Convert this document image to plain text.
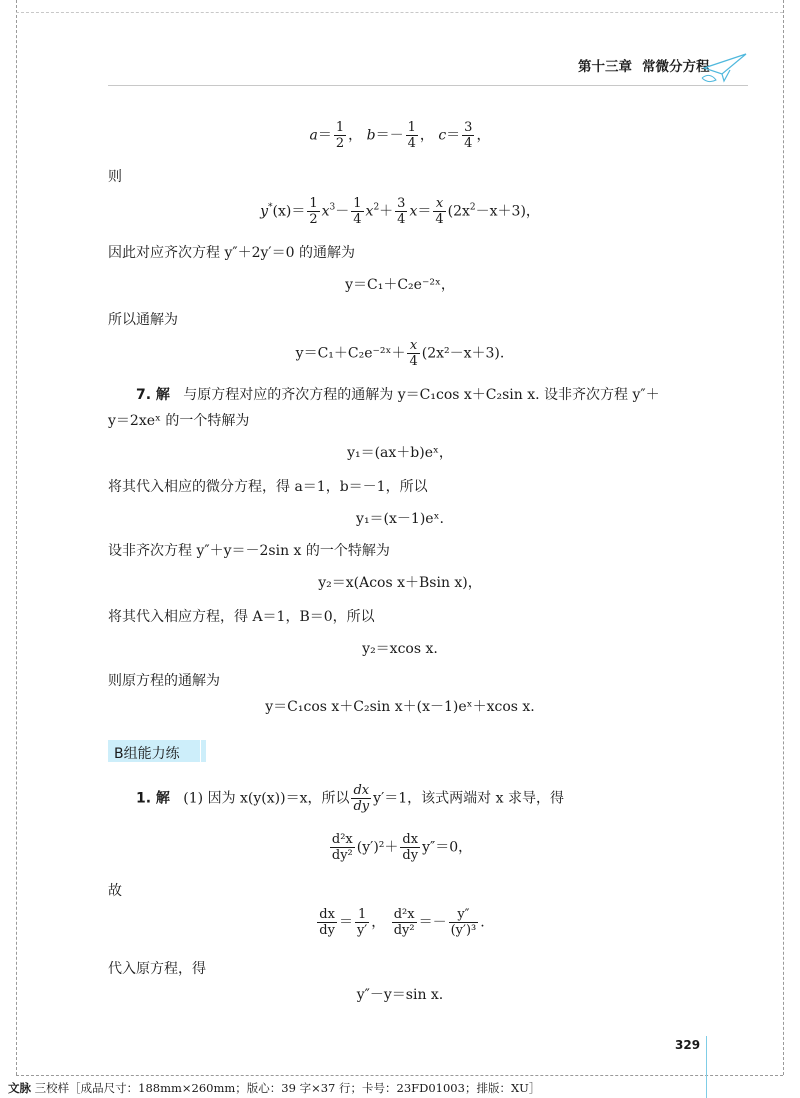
第十三章 常微分方程
$a= \frac{1}{2}$ ， $b=- \frac{1}{4}$ ， $c= \frac{3}{4}$ ，
则
$y^*(x)= \frac{1}{2} x^3- \frac{1}{4} x^2+ \frac{3}{4} x= \frac{x}{4} (2x^2-x+3)$，
因此对应齐次方程 y″＋2y′＝0 的通解为
y＝C₁＋C₂e⁻²ˣ，
所以通解为
y＝C₁＋C₂e⁻²ˣ＋ $\frac{x}{4} (2x^2-x+3)$.
7. 解 与原方程对应的齐次方程的通解为 y＝C₁cos x＋C₂sin x. 设非齐次方程 y″＋
y＝2xeˣ 的一个特解为
y₁＝(ax＋b)eˣ，
将其代入相应的微分方程，得 a＝1，b＝－1，所以
y₁＝(x－1)eˣ.
设非齐次方程 y″＋y＝－2sin x 的一个特解为
y₂＝x(Acos x＋Bsin x)，
将其代入相应方程，得 A＝1，B＝0，所以
y₂＝xcos x.
则原方程的通解为
y＝C₁cos x＋C₂sin x＋(x－1)eˣ＋xcos x.
B组能力练
1. 解 (1) 因为 x(y(x))＝x，所以 $\frac{dx}{dy} y'=1$，该式两端对 x 求导，得
$\frac{\text{d²x}}{\text{dy²}} (y')^2+ \frac{dx}{dy} y''=0$，
故
$\frac{dx}{dy} = \frac{1}{y'}$ ， $\frac{\text{d²x}}{\text{dy²}} =- \frac{y''}{\text{(y′)³}}$ .
代入原方程，得
y″－y＝sin x.
329
文脉 三校样［成品尺寸：188mm×260mm；版心：39 字×37 行；卡号：23FD01003；排版：XU］
